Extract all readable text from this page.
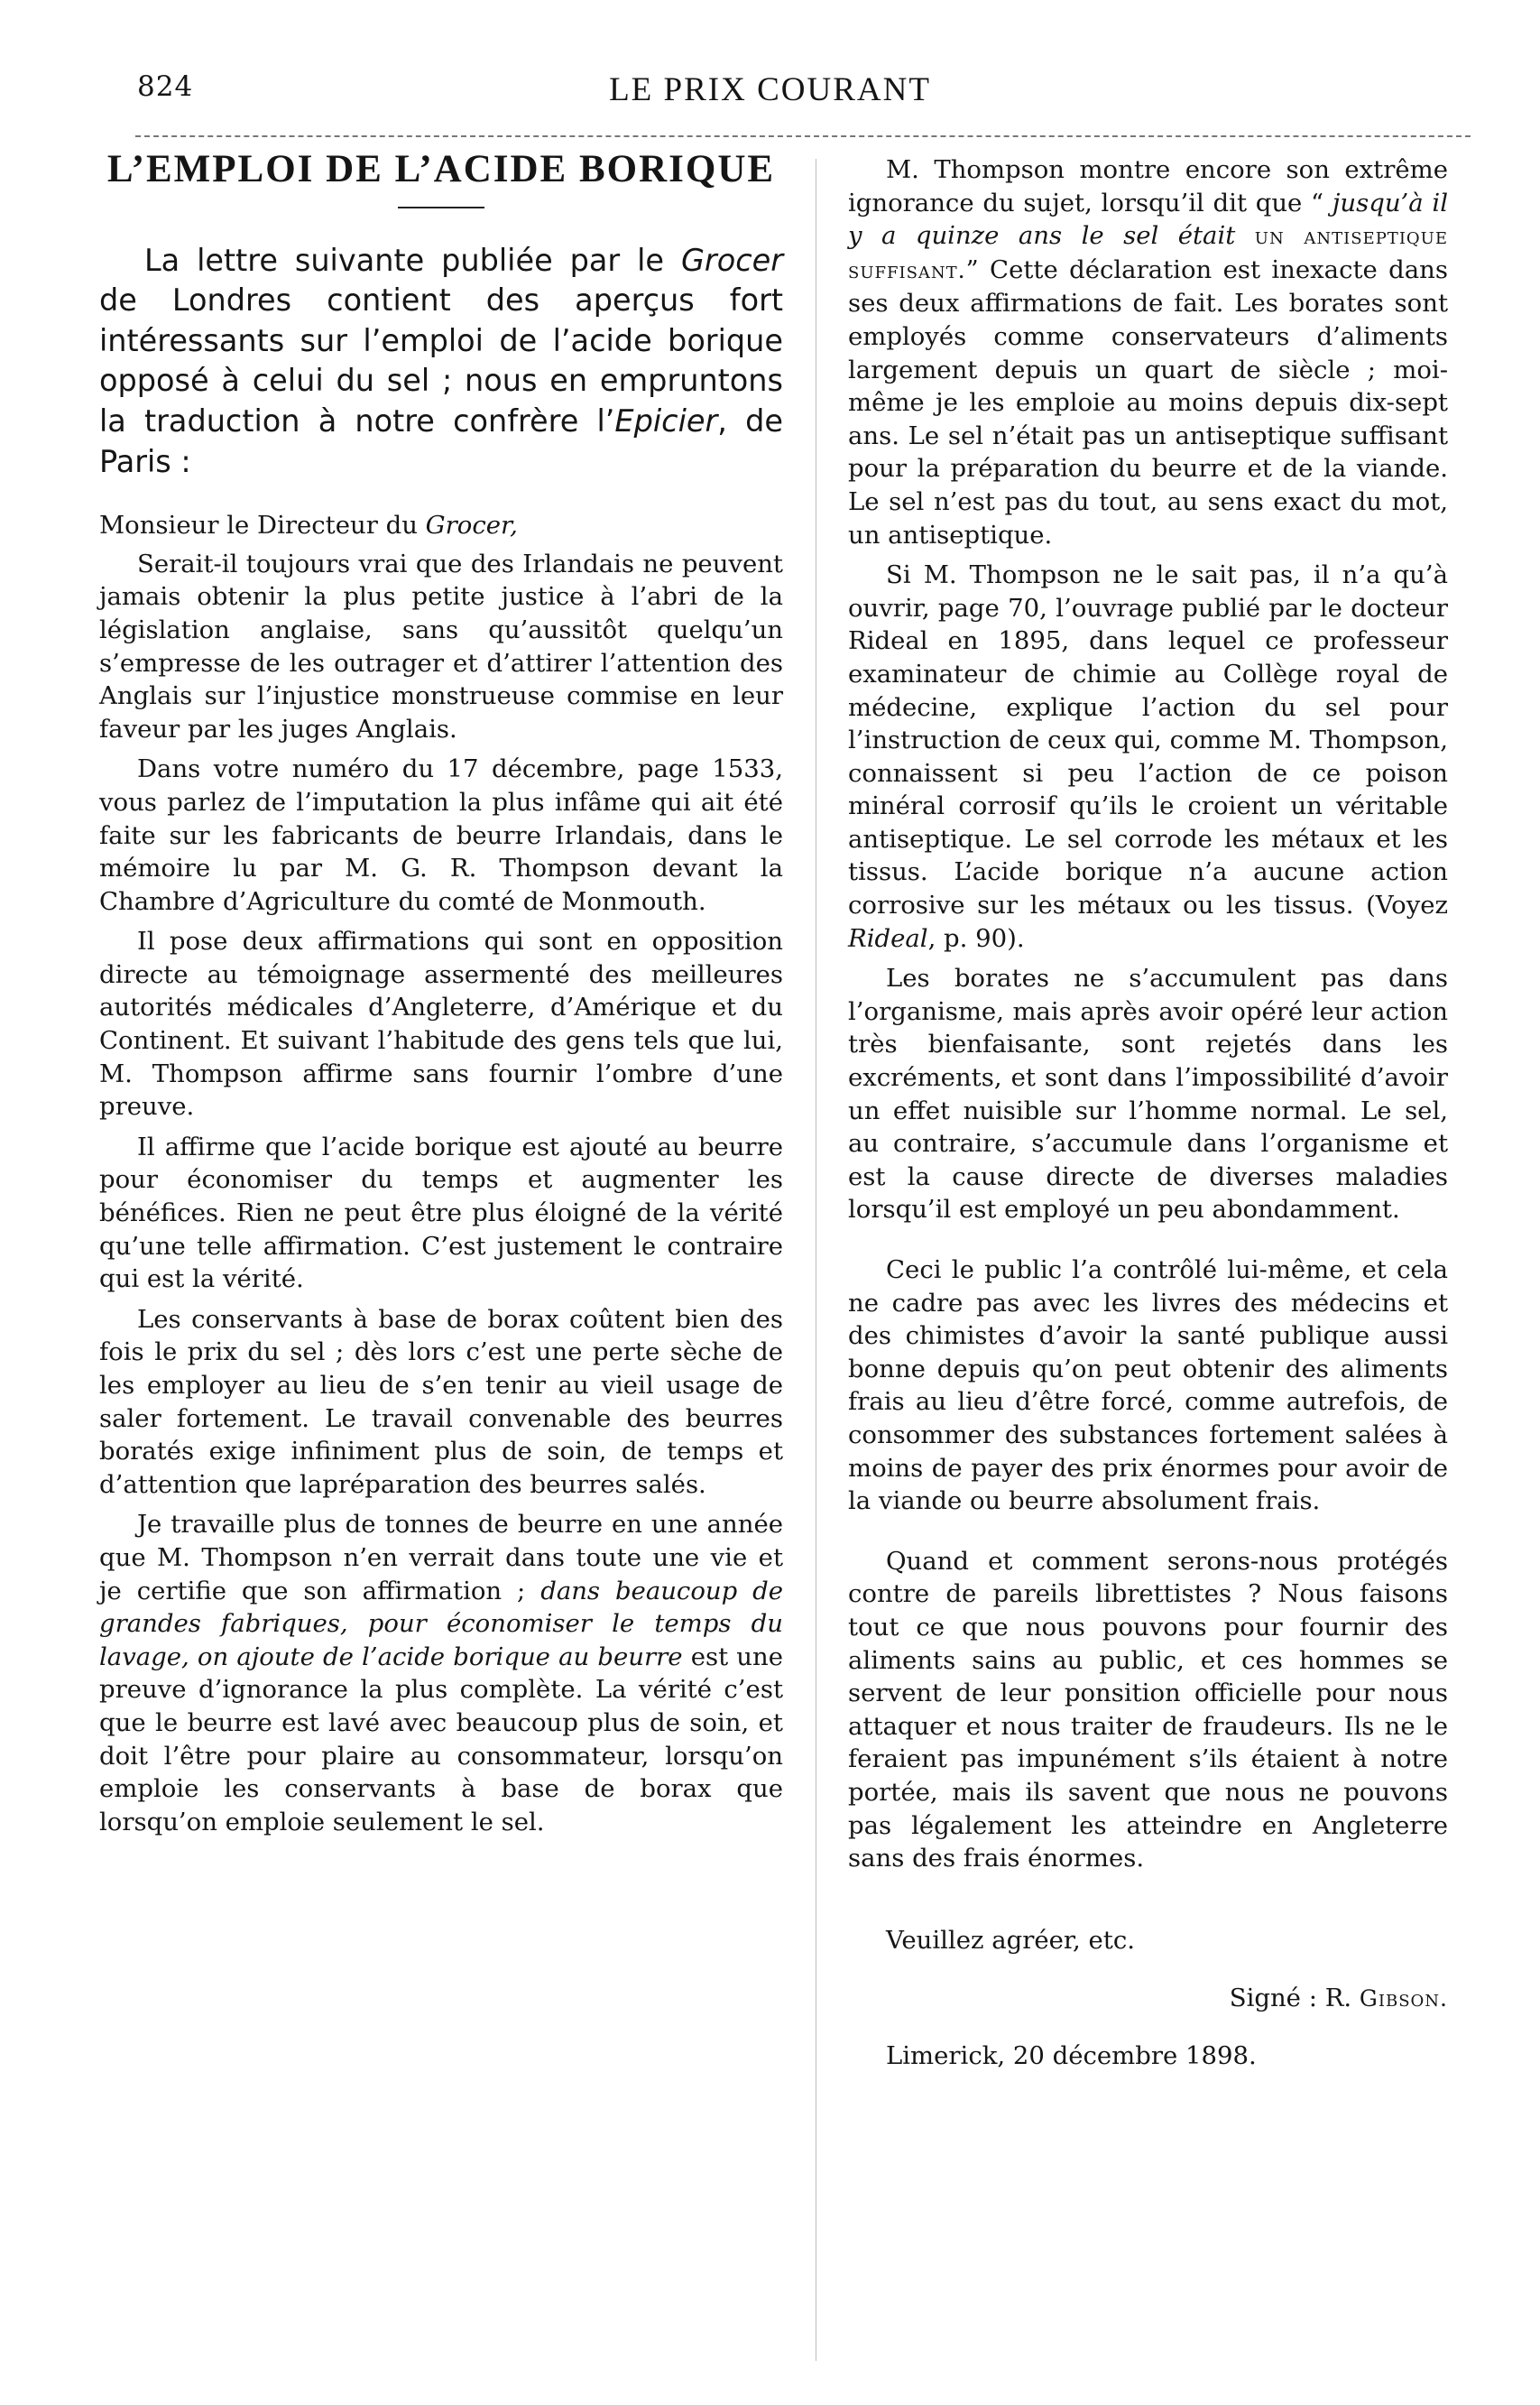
824	LE PRIX COURANT
L’EMPLOI DE L’ACIDE BORIQUE

La lettre suivante publiée par le Grocer de Londres contient des aperçus fort intéressants sur l’emploi de l’acide borique opposé à celui du sel ; nous en empruntons la traduction à notre confrère l’Epicier, de Paris :

Monsieur le Directeur du Grocer,

Serait-il toujours vrai que des Irlandais ne peuvent jamais obtenir la plus petite justice à l’abri de la législation anglaise, sans qu’aussitôt quelqu’un s’empresse de les outrager et d’attirer l’attention des Anglais sur l’injustice monstrueuse commise en leur faveur par les juges Anglais.

Dans votre numéro du 17 décembre, page 1533, vous parlez de l’imputation la plus infâme qui ait été faite sur les fabricants de beurre Irlandais, dans le mémoire lu par M. G. R. Thompson devant la Chambre d’Agriculture du comté de Monmouth.

Il pose deux affirmations qui sont en opposition directe au témoignage assermenté des meilleures autorités médicales d’Angleterre, d’Amérique et du Continent. Et suivant l’habitude des gens tels que lui, M. Thompson affirme sans fournir l’ombre d’une preuve.

Il affirme que l’acide borique est ajouté au beurre pour économiser du temps et augmenter les bénéfices. Rien ne peut être plus éloigné de la vérité qu’une telle affirmation. C’est justement le contraire qui est la vérité.

Les conservants à base de borax coûtent bien des fois le prix du sel ; dès lors c’est une perte sèche de les employer au lieu de s’en tenir au vieil usage de saler fortement. Le travail convenable des beurres boratés exige infiniment plus de soin, de temps et d’attention que lapréparation des beurres salés.

Je travaille plus de tonnes de beurre en une année que M. Thompson n’en verrait dans toute une vie et je certifie que son affirmation ; dans beaucoup de grandes fabriques, pour économiser le temps du lavage, on ajoute de l’acide borique au beurre est une preuve d’ignorance la plus complète. La vérité c’est que le beurre est lavé avec beaucoup plus de soin, et doit l’être pour plaire au consommateur, lorsqu’on emploie les conservants à base de borax que lorsqu’on emploie seulement le sel.

M. Thompson montre encore son extrême ignorance du sujet, lorsqu’il dit que “ jusqu’à il y a quinze ans le sel était un antiseptique suffisant.” Cette déclaration est inexacte dans ses deux affirmations de fait. Les borates sont employés comme conservateurs d’aliments largement depuis un quart de siècle ; moi-même je les emploie au moins depuis dix-sept ans. Le sel n’était pas un antiseptique suffisant pour la préparation du beurre et de la viande. Le sel n’est pas du tout, au sens exact du mot, un antiseptique.

Si M. Thompson ne le sait pas, il n’a qu’à ouvrir, page 70, l’ouvrage publié par le docteur Rideal en 1895, dans lequel ce professeur examinateur de chimie au Collège royal de médecine, explique l’action du sel pour l’instruction de ceux qui, comme M. Thompson, connaissent si peu l’action de ce poison minéral corrosif qu’ils le croient un véritable antiseptique. Le sel corrode les métaux et les tissus. L’acide borique n’a aucune action corrosive sur les métaux ou les tissus. (Voyez Rideal, p. 90).

Les borates ne s’accumulent pas dans l’organisme, mais après avoir opéré leur action très bienfaisante, sont rejetés dans les excréments, et sont dans l’impossibilité d’avoir un effet nuisible sur l’homme normal. Le sel, au contraire, s’accumule dans l’organisme et est la cause directe de diverses maladies lorsqu’il est employé un peu abondamment.

Ceci le public l’a contrôlé lui-même, et cela ne cadre pas avec les livres des médecins et des chimistes d’avoir la santé publique aussi bonne depuis qu’on peut obtenir des aliments frais au lieu d’être forcé, comme autrefois, de consommer des substances fortement salées à moins de payer des prix énormes pour avoir de la viande ou beurre absolument frais.

Quand et comment serons-nous protégés contre de pareils librettistes ? Nous faisons tout ce que nous pouvons pour fournir des aliments sains au public, et ces hommes se servent de leur ponsition officielle pour nous attaquer et nous traiter de fraudeurs. Ils ne le feraient pas impunément s’ils étaient à notre portée, mais ils savent que nous ne pouvons pas légalement les atteindre en Angleterre sans des frais énormes.

Veuillez agréer, etc.

Signé : R. Gibson.

Limerick, 20 décembre 1898.
